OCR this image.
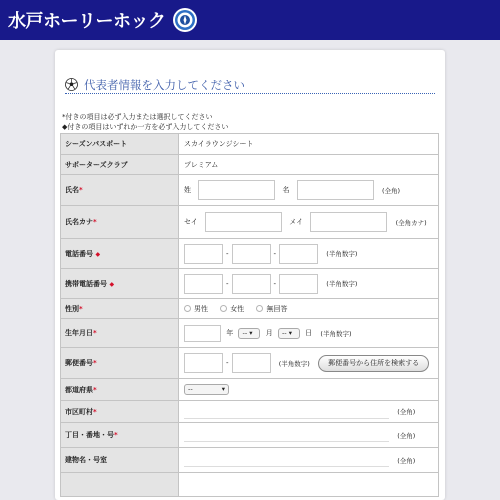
水戸ホーリーホック
代表者情報を入力してください
*付きの項目は必ず入力または選択してください
◆付きの項目はいずれか一方を必ず入力してください
シーズンパスポート	スカイラウンジシート
サポーターズクラブ	プレミアム
氏名*	姓 名 (全角)
氏名カナ*	セイ メイ (全角カナ)
電話番号 ◆	- - (半角数字)
携帯電話番号 ◆	- - (半角数字)
性別*	男性 女性 無回答
生年月日*	年 -- ▾ 月 -- ▾ 日 (半角数字)
郵便番号*	- (半角数字) 郵便番号から住所を検索する
都道府県*	-- ▾

市区町村*	(全角)
丁目・番地・号*	(全角)
建物名・号室	(全角)
